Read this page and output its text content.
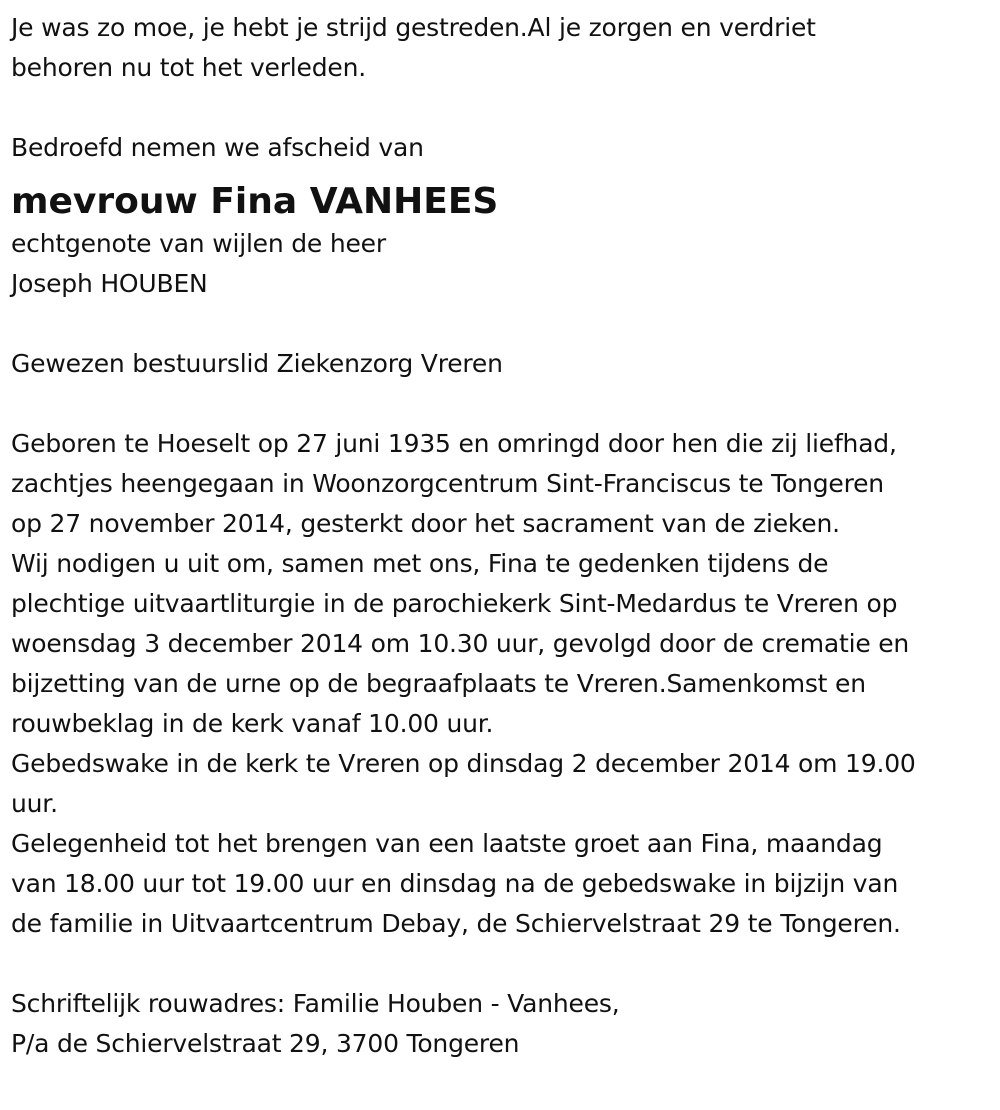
Je was zo moe, je hebt je strijd gestreden.Al je zorgen en verdriet
behoren nu tot het verleden.
Bedroefd nemen we afscheid van
mevrouw Fina VANHEES
echtgenote van wijlen de heer
Joseph HOUBEN
Gewezen bestuurslid Ziekenzorg Vreren
Geboren te Hoeselt op 27 juni 1935 en omringd door hen die zij liefhad,
zachtjes heengegaan in Woonzorgcentrum Sint-Franciscus te Tongeren
op 27 november 2014, gesterkt door het sacrament van de zieken.
Wij nodigen u uit om, samen met ons, Fina te gedenken tijdens de
plechtige uitvaartliturgie in de parochiekerk Sint-Medardus te Vreren op
woensdag 3 december 2014 om 10.30 uur, gevolgd door de crematie en
bijzetting van de urne op de begraafplaats te Vreren.Samenkomst en
rouwbeklag in de kerk vanaf 10.00 uur.
Gebedswake in de kerk te Vreren op dinsdag 2 december 2014 om 19.00
uur.
Gelegenheid tot het brengen van een laatste groet aan Fina, maandag
van 18.00 uur tot 19.00 uur en dinsdag na de gebedswake in bijzijn van
de familie in Uitvaartcentrum Debay, de Schiervelstraat 29 te Tongeren.
Schriftelijk rouwadres: Familie Houben - Vanhees,
P/a de Schiervelstraat 29, 3700 Tongeren
